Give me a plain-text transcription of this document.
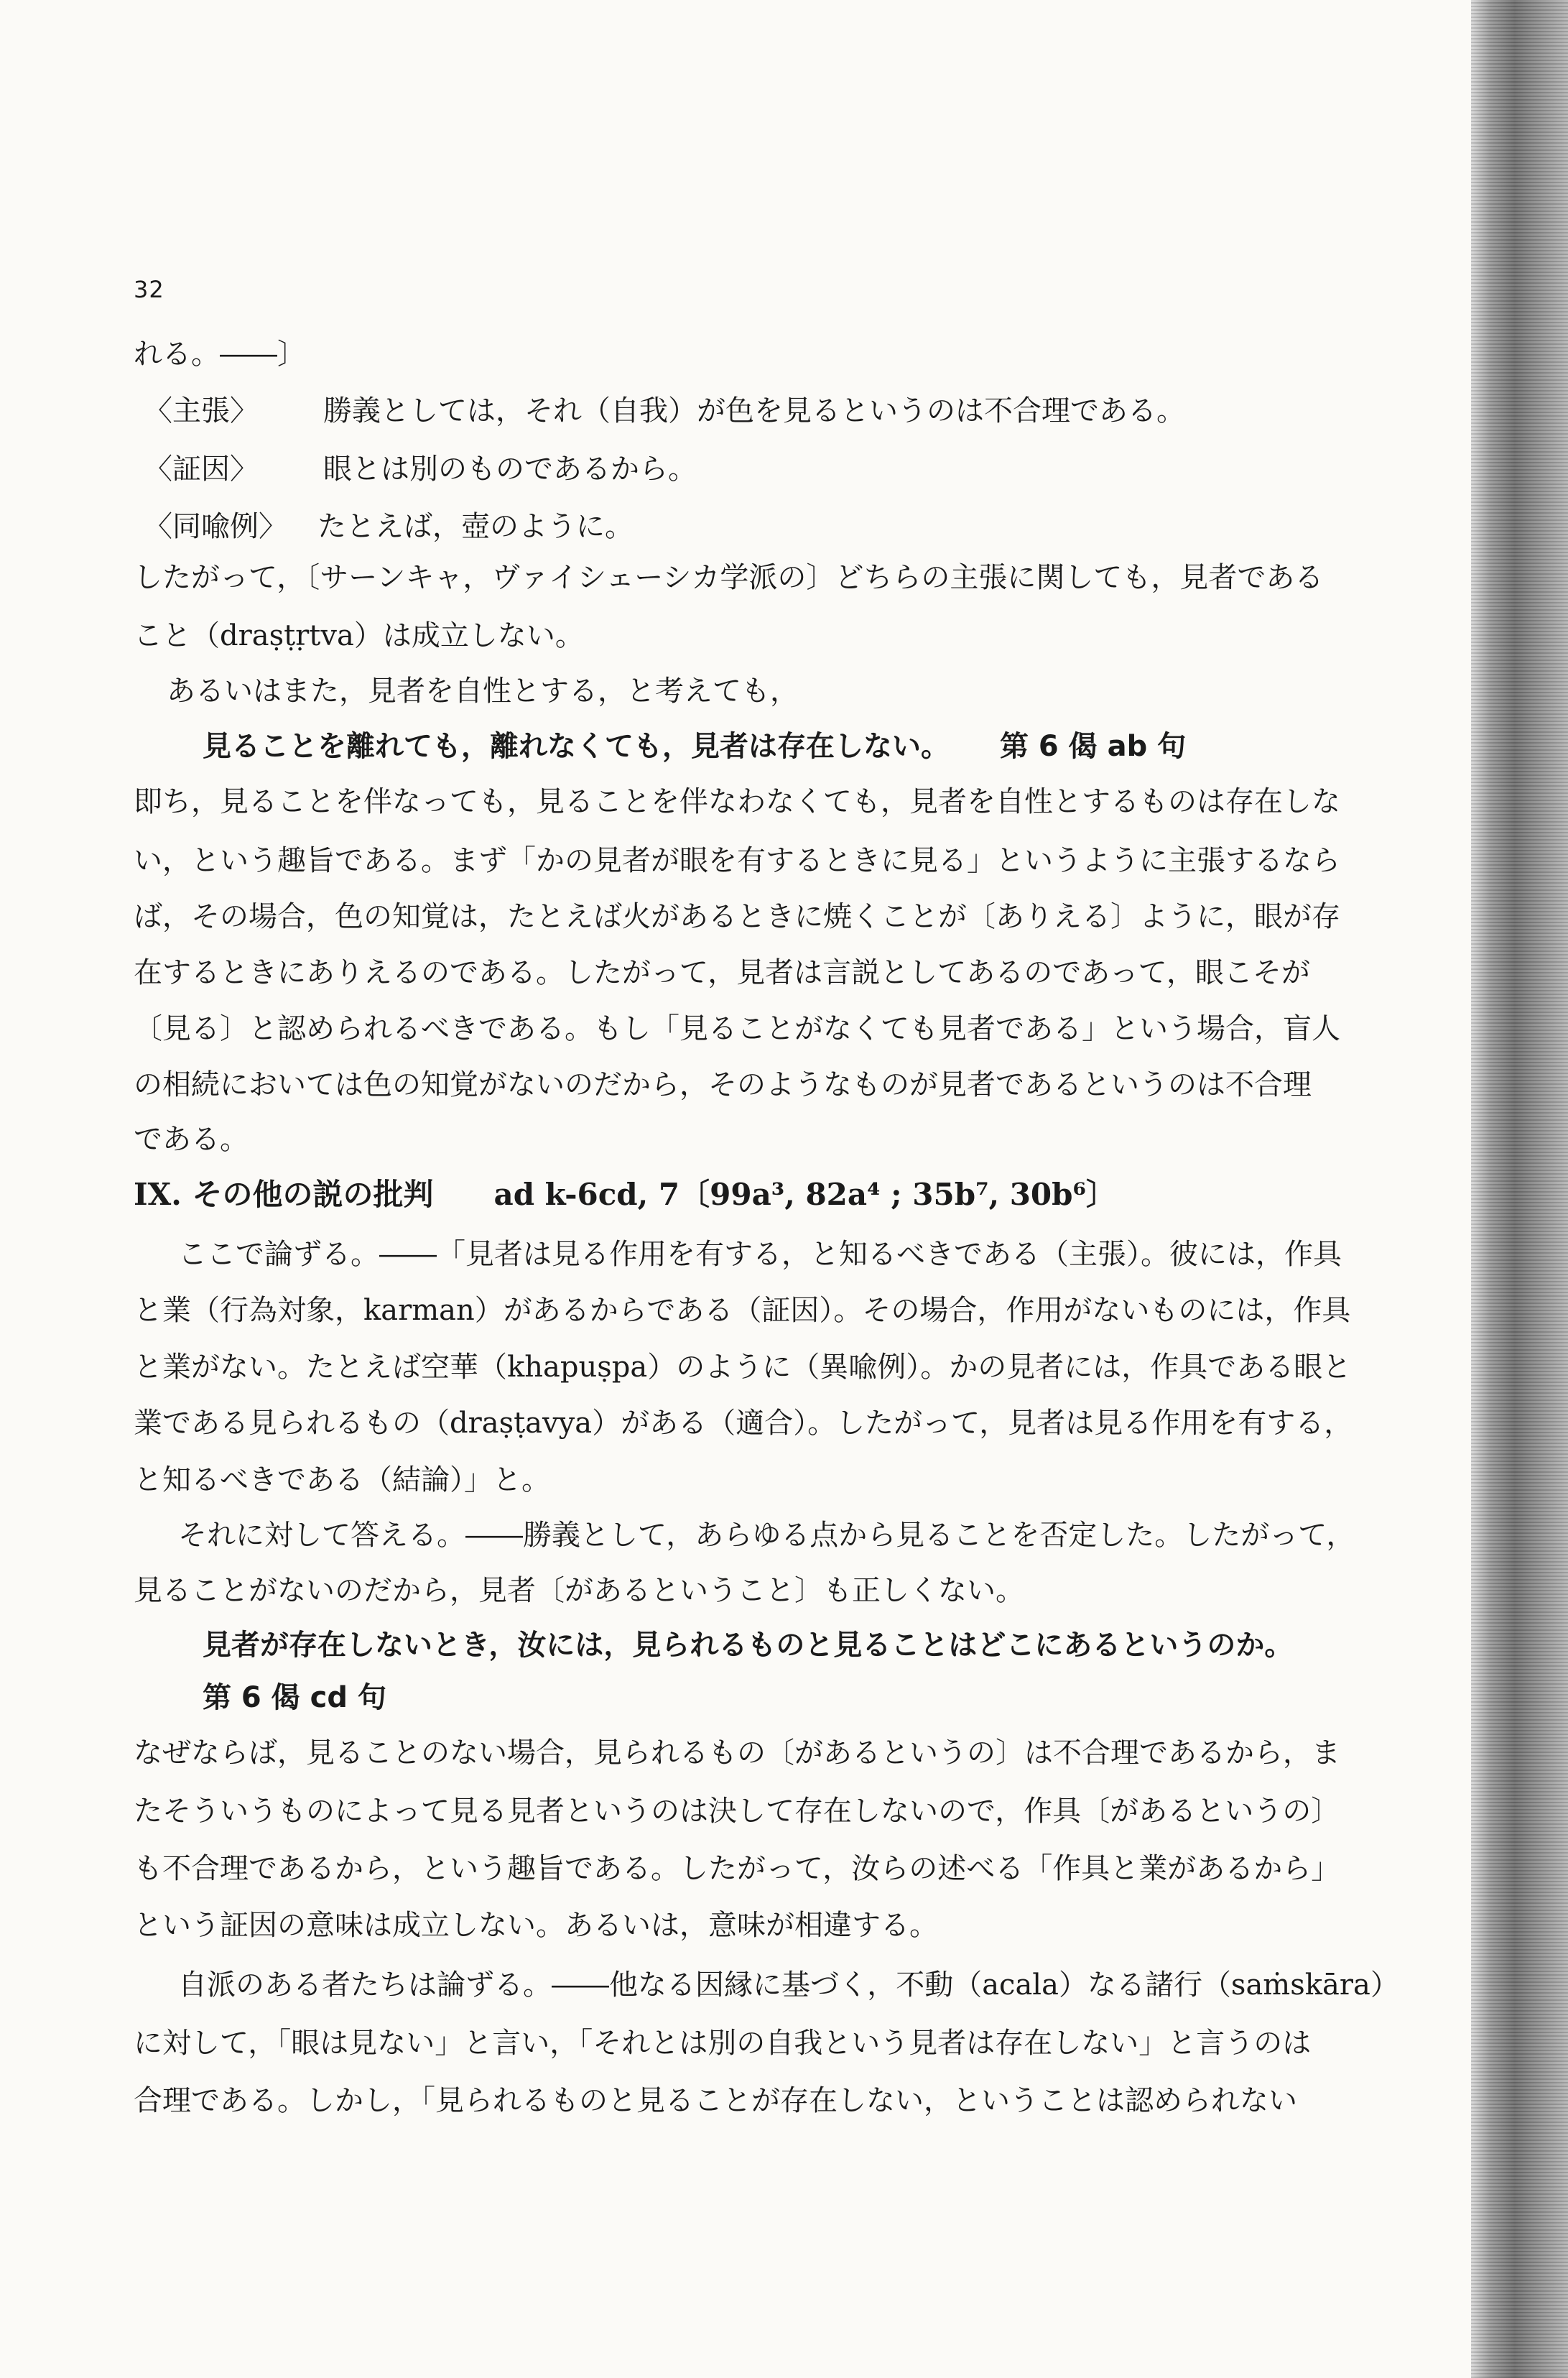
32
れる。――〕
〈主張〉 勝義としては，それ（自我）が色を見るというのは不合理である。
〈証因〉 眼とは別のものであるから。
〈同喩例〉 たとえば，壺のように。
したがって，〔サーンキャ，ヴァイシェーシカ学派の〕どちらの主張に関しても，見者である
こと（draṣṭṛtva）は成立しない。
あるいはまた，見者を自性とする，と考えても，
見ることを離れても，離れなくても，見者は存在しない。 第 6 偈 ab 句
即ち，見ることを伴なっても，見ることを伴なわなくても，見者を自性とするものは存在しな
い，という趣旨である。まず「かの見者が眼を有するときに見る」というように主張するなら
ば，その場合，色の知覚は，たとえば火があるときに焼くことが〔ありえる〕ように，眼が存
在するときにありえるのである。したがって，見者は言説としてあるのであって，眼こそが
〔見る〕と認められるべきである。もし「見ることがなくても見者である」という場合，盲人
の相続においては色の知覚がないのだから，そのようなものが見者であるというのは不合理
である。
IX. その他の説の批判　　ad k-6cd, 7〔99a³, 82a⁴ ; 35b⁷, 30b⁶〕
ここで論ずる。――「見者は見る作用を有する，と知るべきである（主張）。彼には，作具
と業（行為対象，karman）があるからである（証因）。その場合，作用がないものには，作具
と業がない。たとえば空華（khapuṣpa）のように（異喩例）。かの見者には，作具である眼と
業である見られるもの（draṣṭavya）がある（適合）。したがって，見者は見る作用を有する，
と知るべきである（結論）」と。
それに対して答える。――勝義として，あらゆる点から見ることを否定した。したがって，
見ることがないのだから，見者〔があるということ〕も正しくない。
見者が存在しないとき，汝には，見られるものと見ることはどこにあるというのか。
第 6 偈 cd 句
なぜならば，見ることのない場合，見られるもの〔があるというの〕は不合理であるから，ま
たそういうものによって見る見者というのは決して存在しないので，作具〔があるというの〕
も不合理であるから，という趣旨である。したがって，汝らの述べる「作具と業があるから」
という証因の意味は成立しない。あるいは，意味が相違する。
自派のある者たちは論ずる。――他なる因縁に基づく，不動（acala）なる諸行（saṁskāra）
に対して，「眼は見ない」と言い，「それとは別の自我という見者は存在しない」と言うのは
合理である。しかし，「見られるものと見ることが存在しない，ということは認められない
